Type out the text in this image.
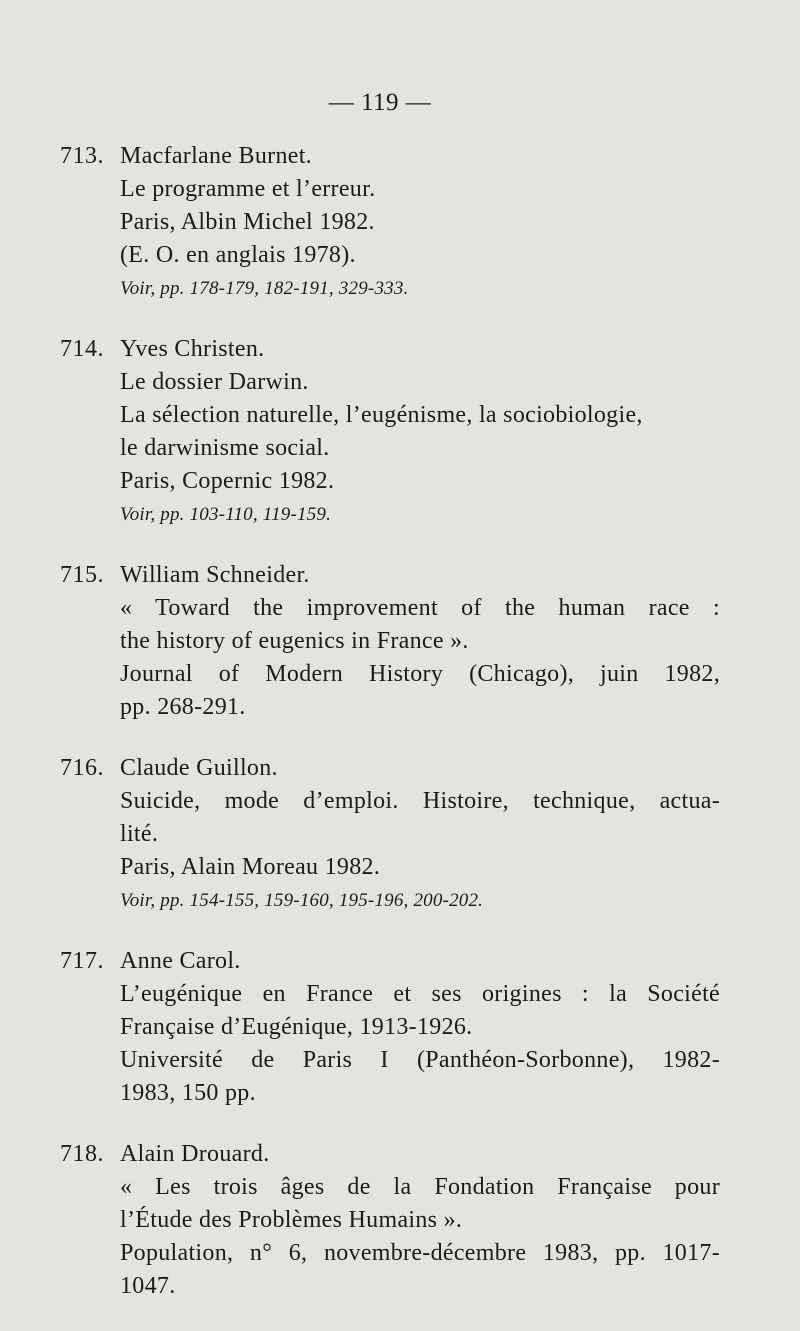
— 119 —
713. Macfarlane Burnet.
Le programme et l’erreur.
Paris, Albin Michel 1982.
(E. O. en anglais 1978).
Voir, pp. 178-179, 182-191, 329-333.
714. Yves Christen.
Le dossier Darwin.
La sélection naturelle, l’eugénisme, la sociobiologie,
le darwinisme social.
Paris, Copernic 1982.
Voir, pp. 103-110, 119-159.
715. William Schneider.
« Toward the improvement of the human race :
the history of eugenics in France ».
Journal of Modern History (Chicago), juin 1982,
pp. 268-291.
716. Claude Guillon.
Suicide, mode d’emploi. Histoire, technique, actua-
lité.
Paris, Alain Moreau 1982.
Voir, pp. 154-155, 159-160, 195-196, 200-202.
717. Anne Carol.
L’eugénique en France et ses origines : la Société
Française d’Eugénique, 1913-1926.
Université de Paris I (Panthéon-Sorbonne), 1982-
1983, 150 pp.
718. Alain Drouard.
« Les trois âges de la Fondation Française pour
l’Étude des Problèmes Humains ».
Population, n° 6, novembre-décembre 1983, pp. 1017-
1047.
